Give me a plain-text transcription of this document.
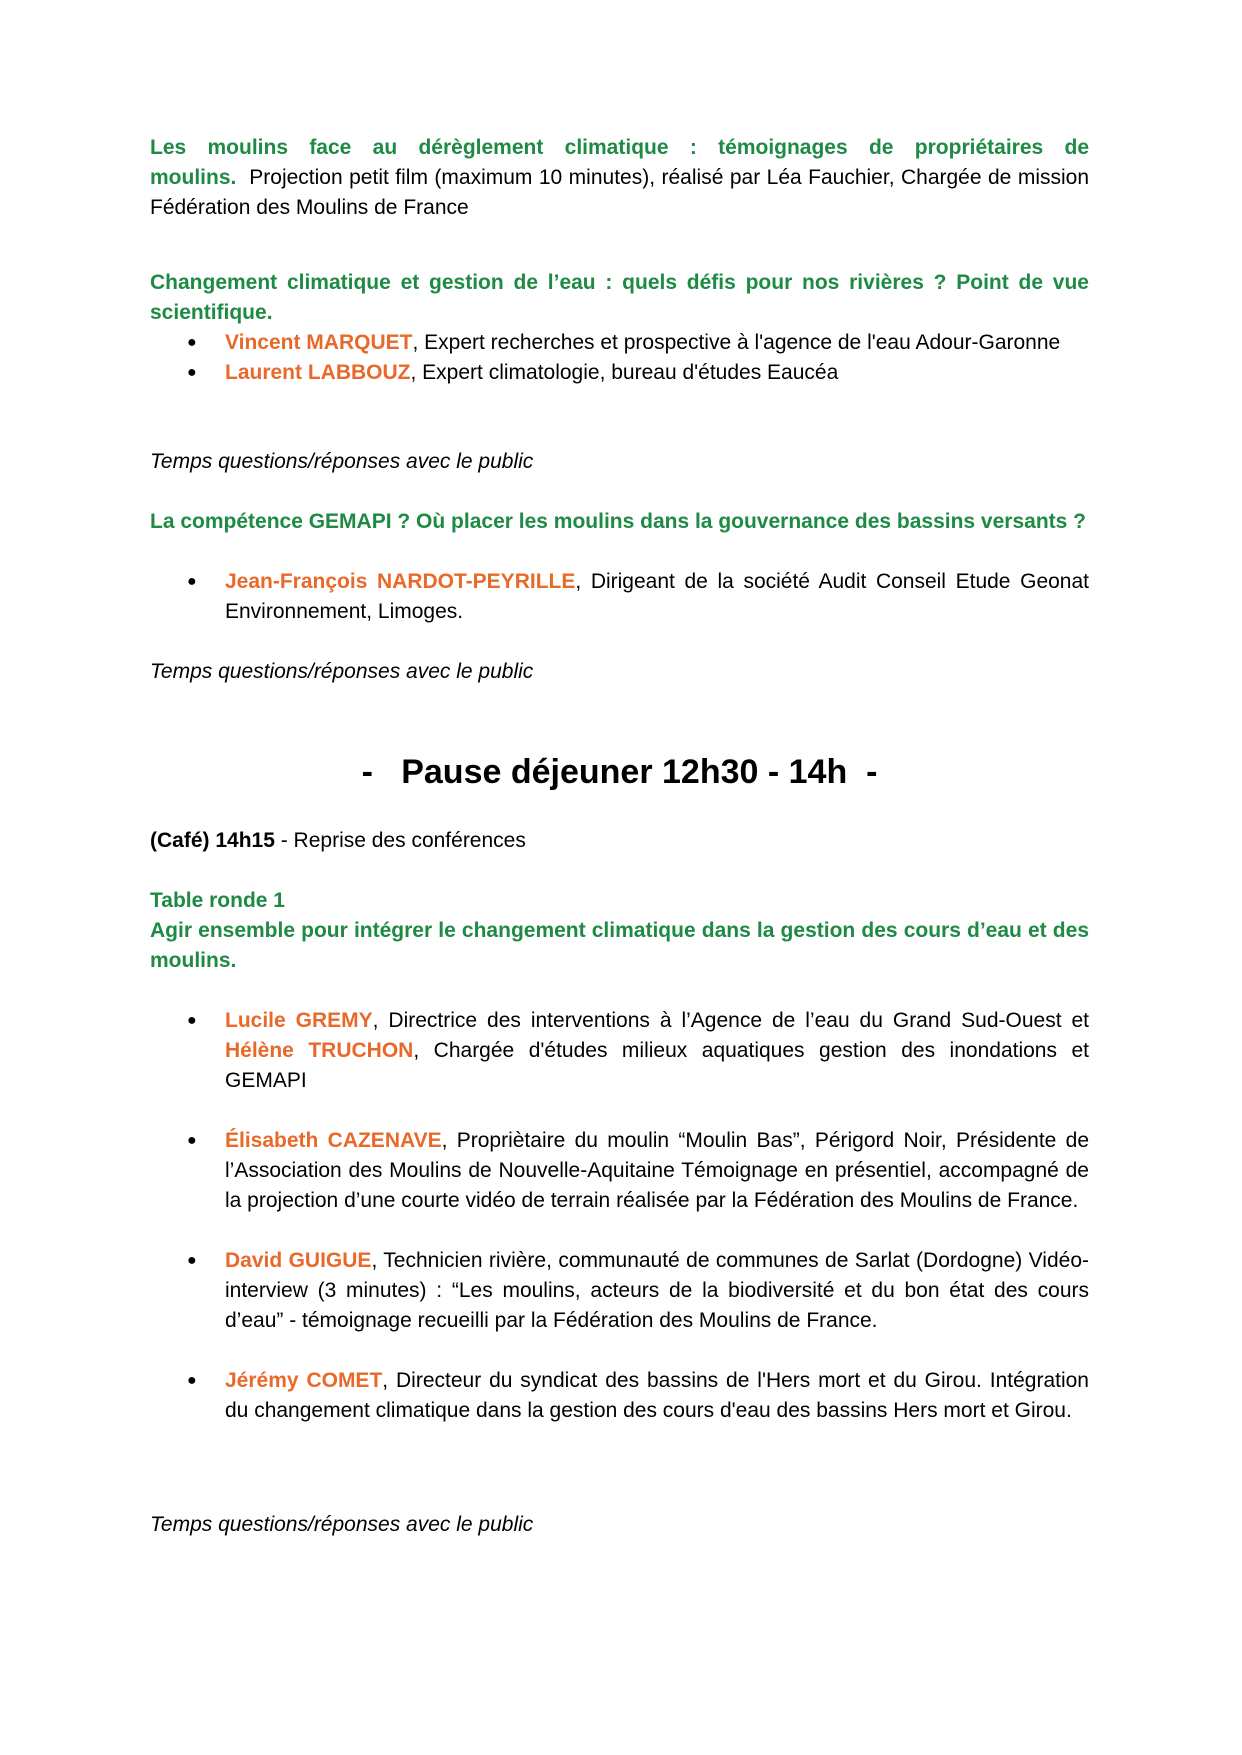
Les moulins face au dérèglement climatique : témoignages de propriétaires de moulins. Projection petit film (maximum 10 minutes), réalisé par Léa Fauchier, Chargée de mission Fédération des Moulins de France
Changement climatique et gestion de l’eau : quels défis pour nos rivières ? Point de vue scientifique.
● Vincent MARQUET, Expert recherches et prospective à l'agence de l'eau Adour-Garonne
● Laurent LABBOUZ, Expert climatologie, bureau d'études Eaucéa
Temps questions/réponses avec le public
La compétence GEMAPI ? Où placer les moulins dans la gouvernance des bassins versants ?
● Jean-François NARDOT-PEYRILLE, Dirigeant de la société Audit Conseil Etude Geonat Environnement, Limoges.
Temps questions/réponses avec le public
-   Pause déjeuner 12h30 - 14h  -
(Café) 14h15 - Reprise des conférences
Table ronde 1
Agir ensemble pour intégrer le changement climatique dans la gestion des cours d’eau et des moulins.
● Lucile GREMY, Directrice des interventions à l’Agence de l’eau du Grand Sud-Ouest et Hélène TRUCHON, Chargée d'études milieux aquatiques gestion des inondations et GEMAPI
● Élisabeth CAZENAVE, Propriètaire du moulin “Moulin Bas”, Périgord Noir, Présidente de l’Association des Moulins de Nouvelle-Aquitaine Témoignage en présentiel, accompagné de la projection d’une courte vidéo de terrain réalisée par la Fédération des Moulins de France.
● David GUIGUE, Technicien rivière, communauté de communes de Sarlat (Dordogne) Vidéo-interview (3 minutes) : “Les moulins, acteurs de la biodiversité et du bon état des cours d’eau” - témoignage recueilli par la Fédération des Moulins de France.
● Jérémy COMET, Directeur du syndicat des bassins de l'Hers mort et du Girou. Intégration du changement climatique dans la gestion des cours d'eau des bassins Hers mort et Girou.
Temps questions/réponses avec le public
